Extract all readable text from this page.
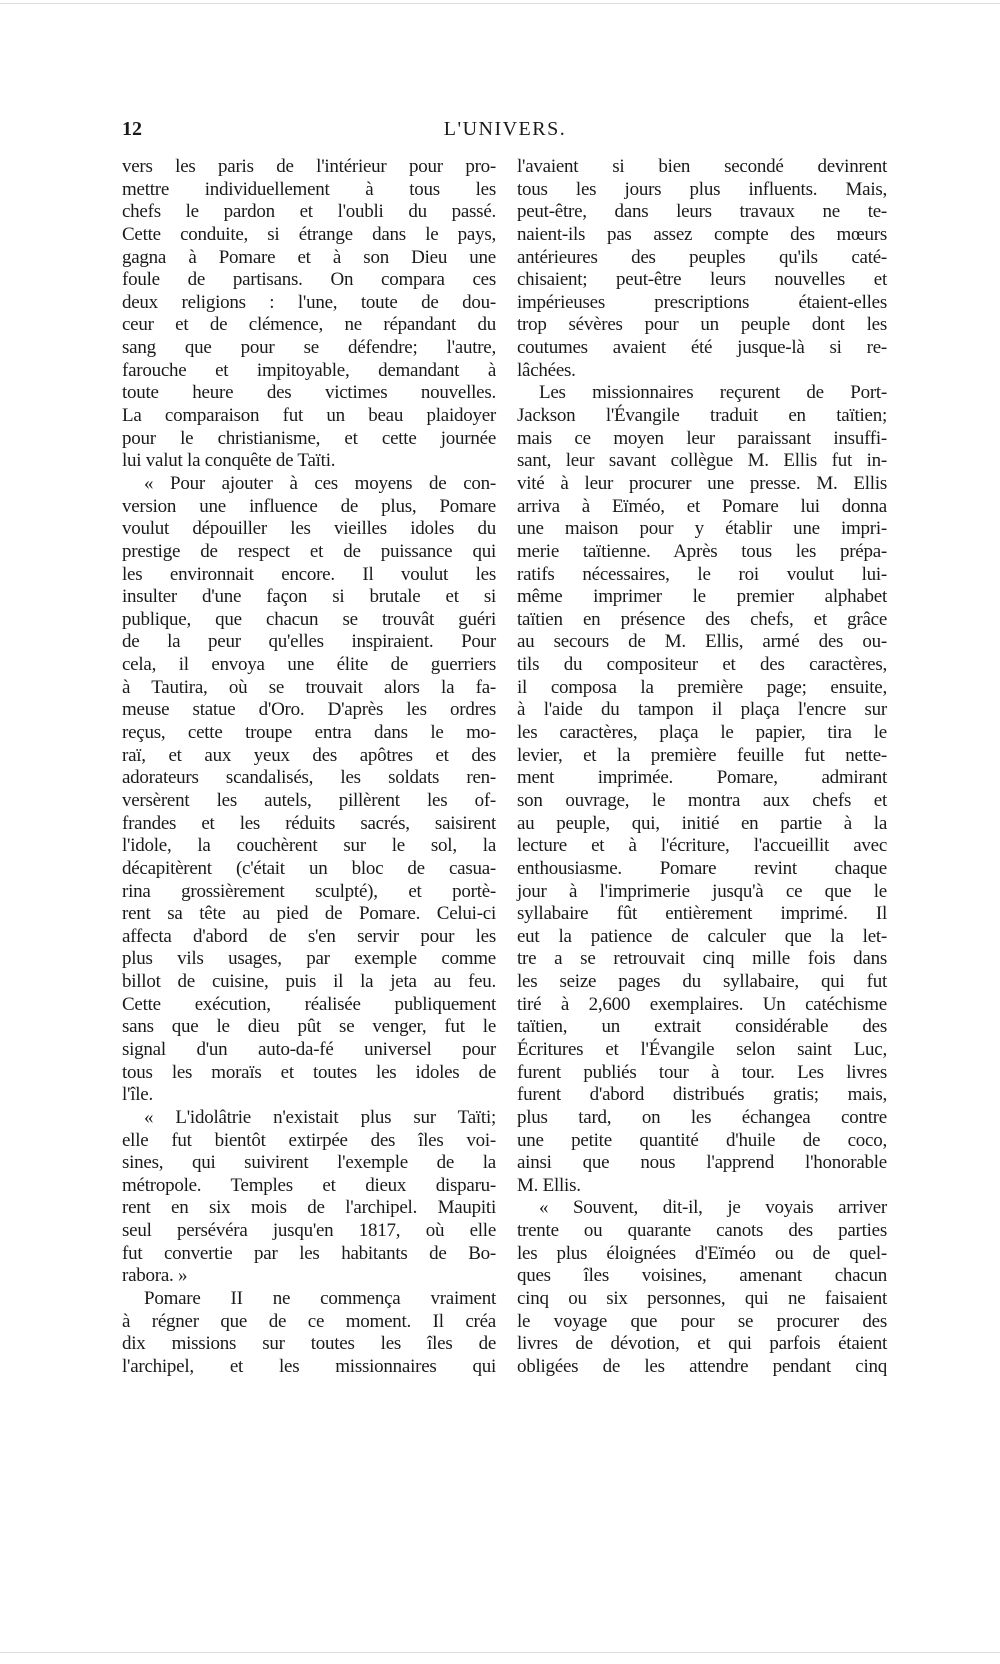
12	L'UNIVERS.
vers les paris de l'intérieur pour pro-
mettre individuellement à tous les
chefs le pardon et l'oubli du passé.
Cette conduite, si étrange dans le pays,
gagna à Pomare et à son Dieu une
foule de partisans. On compara ces
deux religions : l'une, toute de dou-
ceur et de clémence, ne répandant du
sang que pour se défendre; l'autre,
farouche et impitoyable, demandant à
toute heure des victimes nouvelles.
La comparaison fut un beau plaidoyer
pour le christianisme, et cette journée
lui valut la conquête de Taïti.
« Pour ajouter à ces moyens de con-
version une influence de plus, Pomare
voulut dépouiller les vieilles idoles du
prestige de respect et de puissance qui
les environnait encore. Il voulut les
insulter d'une façon si brutale et si
publique, que chacun se trouvât guéri
de la peur qu'elles inspiraient. Pour
cela, il envoya une élite de guerriers
à Tautira, où se trouvait alors la fa-
meuse statue d'Oro. D'après les ordres
reçus, cette troupe entra dans le mo-
raï, et aux yeux des apôtres et des
adorateurs scandalisés, les soldats ren-
versèrent les autels, pillèrent les of-
frandes et les réduits sacrés, saisirent
l'idole, la couchèrent sur le sol, la
décapitèrent (c'était un bloc de casua-
rina grossièrement sculpté), et portè-
rent sa tête au pied de Pomare. Celui-ci
affecta d'abord de s'en servir pour les
plus vils usages, par exemple comme
billot de cuisine, puis il la jeta au feu.
Cette exécution, réalisée publiquement
sans que le dieu pût se venger, fut le
signal d'un auto-da-fé universel pour
tous les moraïs et toutes les idoles de
l'île.
« L'idolâtrie n'existait plus sur Taïti;
elle fut bientôt extirpée des îles voi-
sines, qui suivirent l'exemple de la
métropole. Temples et dieux disparu-
rent en six mois de l'archipel. Maupiti
seul persévéra jusqu'en 1817, où elle
fut convertie par les habitants de Bo-
rabora. »
Pomare II ne commença vraiment
à régner que de ce moment. Il créa
dix missions sur toutes les îles de
l'archipel, et les missionnaires qui
l'avaient si bien secondé devinrent
tous les jours plus influents. Mais,
peut-être, dans leurs travaux ne te-
naient-ils pas assez compte des mœurs
antérieures des peuples qu'ils caté-
chisaient; peut-être leurs nouvelles et
impérieuses prescriptions étaient-elles
trop sévères pour un peuple dont les
coutumes avaient été jusque-là si re-
lâchées.
Les missionnaires reçurent de Port-
Jackson l'Évangile traduit en taïtien;
mais ce moyen leur paraissant insuffi-
sant, leur savant collègue M. Ellis fut in-
vité à leur procurer une presse. M. Ellis
arriva à Eïméo, et Pomare lui donna
une maison pour y établir une impri-
merie taïtienne. Après tous les prépa-
ratifs nécessaires, le roi voulut lui-
même imprimer le premier alphabet
taïtien en présence des chefs, et grâce
au secours de M. Ellis, armé des ou-
tils du compositeur et des caractères,
il composa la première page; ensuite,
à l'aide du tampon il plaça l'encre sur
les caractères, plaça le papier, tira le
levier, et la première feuille fut nette-
ment imprimée. Pomare, admirant
son ouvrage, le montra aux chefs et
au peuple, qui, initié en partie à la
lecture et à l'écriture, l'accueillit avec
enthousiasme. Pomare revint chaque
jour à l'imprimerie jusqu'à ce que le
syllabaire fût entièrement imprimé. Il
eut la patience de calculer que la let-
tre a se retrouvait cinq mille fois dans
les seize pages du syllabaire, qui fut
tiré à 2,600 exemplaires. Un catéchisme
taïtien, un extrait considérable des
Écritures et l'Évangile selon saint Luc,
furent publiés tour à tour. Les livres
furent d'abord distribués gratis; mais,
plus tard, on les échangea contre
une petite quantité d'huile de coco,
ainsi que nous l'apprend l'honorable
M. Ellis.
« Souvent, dit-il, je voyais arriver
trente ou quarante canots des parties
les plus éloignées d'Eïméo ou de quel-
ques îles voisines, amenant chacun
cinq ou six personnes, qui ne faisaient
le voyage que pour se procurer des
livres de dévotion, et qui parfois étaient
obligées de les attendre pendant cinq
